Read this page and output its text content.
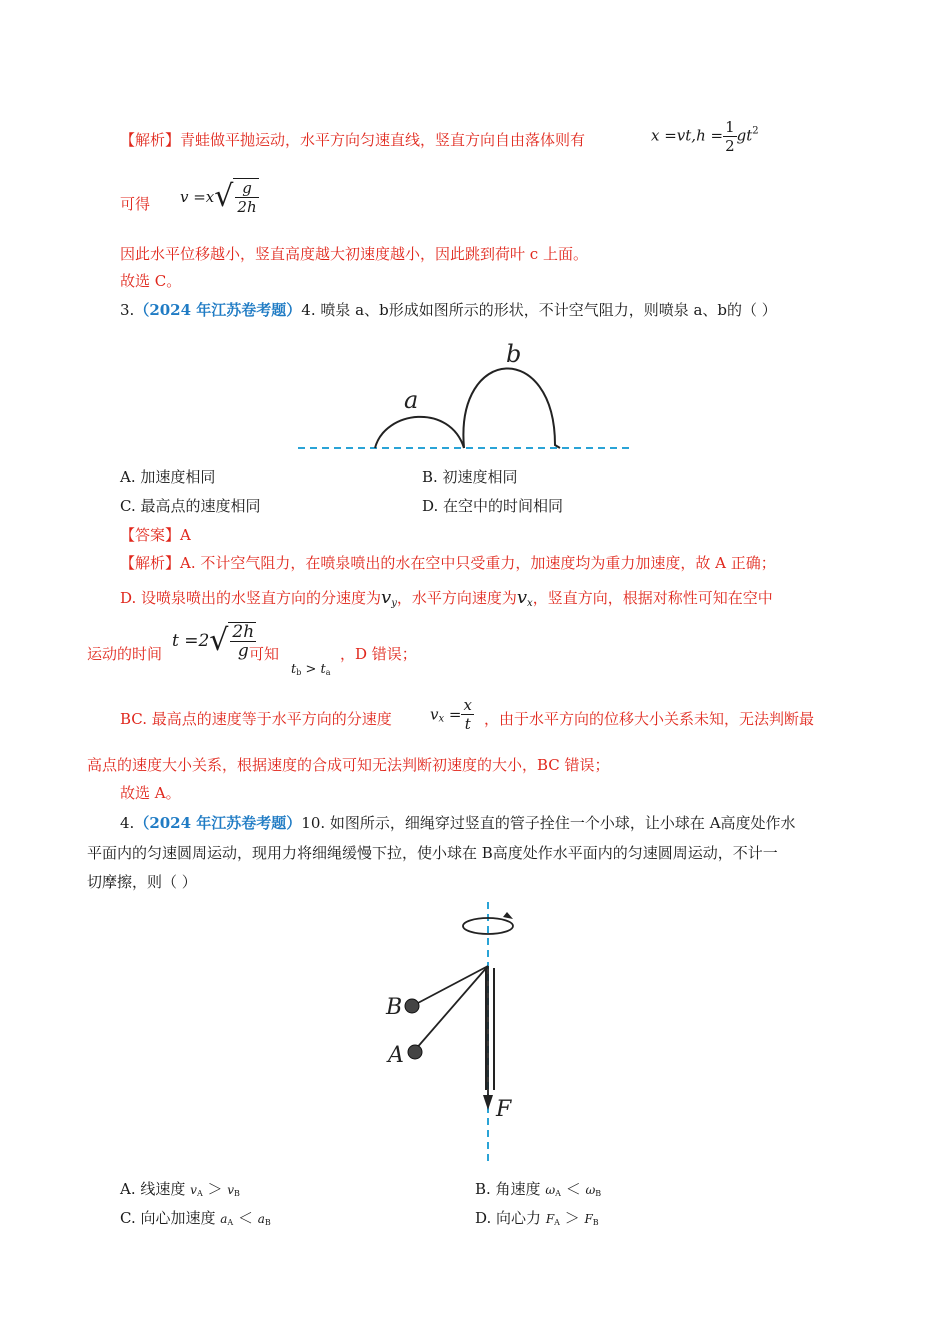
【解析】青蛙做平抛运动，水平方向匀速直线，竖直方向自由落体则有	$x =vt,h = \frac{1}{2} gt^2$
可得 $v =x√ \frac{g}{2h}$
因此水平位移越小，竖直高度越大初速度越小，因此跳到荷叶 c 上面。
故选 C。
3.（2024 年江苏卷考题）4. 喷泉 a、b形成如图所示的形状，不计空气阻力，则喷泉 a、b的（ ）
a
b
A. 加速度相同	B. 初速度相同
C. 最高点的速度相同	D. 在空中的时间相同
【答案】A
【解析】A. 不计空气阻力，在喷泉喷出的水在空中只受重力，加速度均为重力加速度，故 A 正确；
D. 设喷泉喷出的水竖直方向的分速度为$v_y$，水平方向速度为$v_x$，竖直方向，根据对称性可知在空中
运动的时间
$t =2√ \frac{2h}{g}$
可知
tb > ta
，D 错误；
BC. 最高点的速度等于水平方向的分速度	$v_x = \frac{x}{t}$ ，由于水平方向的位移大小关系未知，无法判断最
高点的速度大小关系，根据速度的合成可知无法判断初速度的大小，BC 错误；
故选 A。
4.（2024 年江苏卷考题）10. 如图所示，细绳穿过竖直的管子拴住一个小球，让小球在 A高度处作水
平面内的匀速圆周运动，现用力将细绳缓慢下拉，使小球在 B高度处作水平面内的匀速圆周运动，不计一
切摩擦，则（ ）
B
A
F
A. 线速度 vA ＞ vB	B. 角速度 ωA ＜ ωB
C. 向心加速度 aA ＜ aB	D. 向心力 FA ＞ FB
